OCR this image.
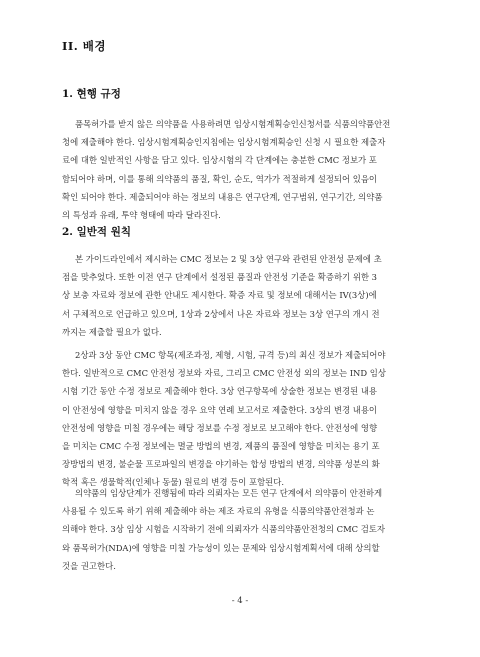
II. 배경
1. 현행 규정
품목허가를 받지 않은 의약품을 사용하려면 임상시험계획승인신청서를 식품의약품안전
청에 제출해야 한다. 임상시험계획승인지침에는 임상시험계획승인 신청 시 필요한 제출자
료에 대한 일반적인 사항을 담고 있다. 임상시험의 각 단계에는 충분한 CMC 정보가 포
함되어야 하며, 이를 통해 의약품의 품질, 확인, 순도, 역가가 적절하게 설정되어 있음이
확인 되어야 한다. 제출되어야 하는 정보의 내용은 연구단계, 연구범위, 연구기간, 의약품
의 특성과 유래, 투약 형태에 따라 달라진다.
2. 일반적 원칙
본 가이드라인에서 제시하는 CMC 정보는 2 및 3상 연구와 관련된 안전성 문제에 초
점을 맞추었다. 또한 이전 연구 단계에서 설정된 품질과 안전성 기준을 확증하기 위한 3
상 보충 자료와 정보에 관한 안내도 제시한다. 확증 자료 및 정보에 대해서는 IV(3상)에
서 구체적으로 언급하고 있으며, 1상과 2상에서 나온 자료와 정보는 3상 연구의 개시 전
까지는 제출할 필요가 없다.
2상과 3상 동안 CMC 항목(제조과정, 제형, 시험, 규격 등)의 최신 정보가 제출되어야
한다. 일반적으로 CMC 안전성 정보와 자료, 그리고 CMC 안전성 외의 정보는 IND 임상
시험 기간 동안 수정 정보로 제출해야 한다. 3상 연구항목에 상술한 정보는 변경된 내용
이 안전성에 영향을 미치지 않을 경우 요약 연례 보고서로 제출한다. 3상의 변경 내용이
안전성에 영향을 미칠 경우에는 해당 정보를 수정 정보로 보고해야 한다. 안전성에 영향
을 미치는 CMC 수정 정보에는 멸균 방법의 변경, 제품의 품질에 영향을 미치는 용기 포
장방법의 변경, 불순물 프로파일의 변경을 야기하는 합성 방법의 변경, 의약품 성분의 화
학적 혹은 생물학적(인체나 동물) 원료의 변경 등이 포함된다.
의약품의 임상단계가 진행됨에 따라 의뢰자는 모든 연구 단계에서 의약품이 안전하게
사용될 수 있도록 하기 위해 제출해야 하는 제조 자료의 유형을 식품의약품안전청과 논
의해야 한다. 3상 임상 시험을 시작하기 전에 의뢰자가 식품의약품안전청의 CMC 검토자
와 품목허가(NDA)에 영향을 미칠 가능성이 있는 문제와 임상시험계획서에 대해 상의할
것을 권고한다.
- 4 -
